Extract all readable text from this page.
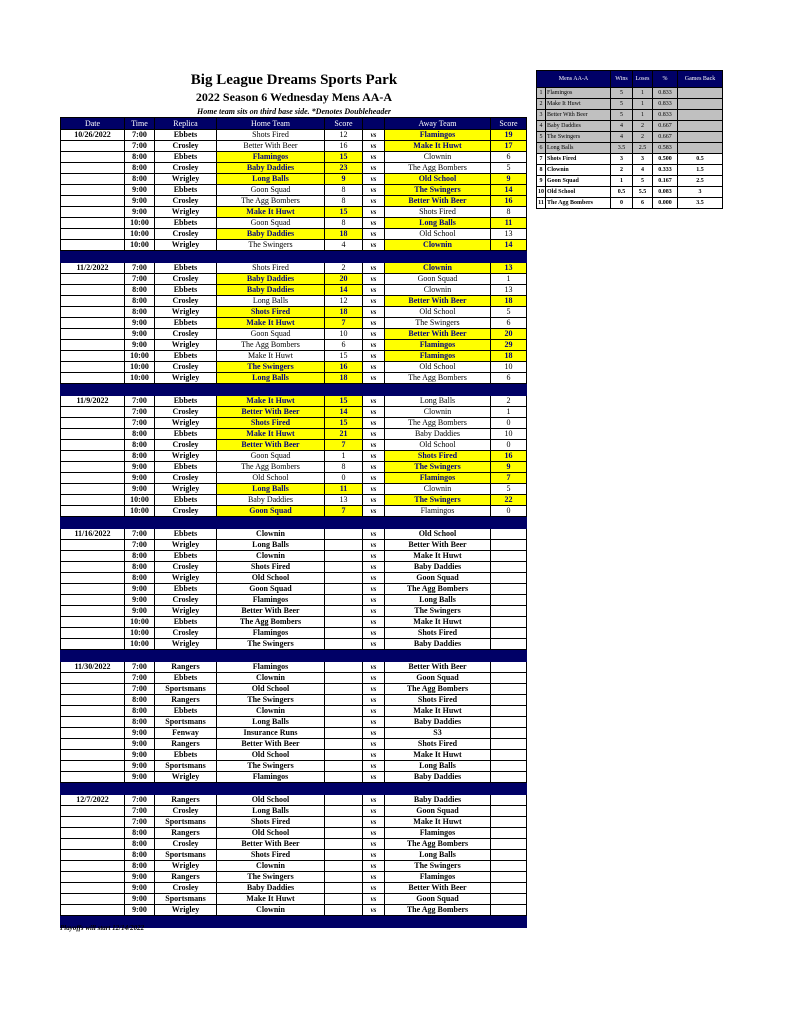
Big League Dreams Sports Park
2022 Season 6 Wednesday Mens AA-A
Home team sits on third base side. *Denotes Doubleheader
Date	Time	Replica	Home Team	Score		Away Team	Score
10/26/2022	7:00	Ebbets	Shots Fired	12	vs	Flamingos	19
	7:00	Crosley	Better With Beer	16	vs	Make It Huwt	17
	8:00	Ebbets	Flamingos	15	vs	Clownin	6
	8:00	Crosley	Baby Daddies	23	vs	The Agg Bombers	5
	8:00	Wrigley	Long Balls	9	vs	Old School	9
	9:00	Ebbets	Goon Squad	8	vs	The Swingers	14
	9:00	Crosley	The Agg Bombers	8	vs	Better With Beer	16
	9:00	Wrigley	Make It Huwt	15	vs	Shots Fired	8
	10:00	Ebbets	Goon Squad	8	vs	Long Balls	11
	10:00	Crosley	Baby Daddies	18	vs	Old School	13
	10:00	Wrigley	The Swingers	4	vs	Clownin	14

11/2/2022	7:00	Ebbets	Shots Fired	2	vs	Clownin	13
	7:00	Crosley	Baby Daddies	20	vs	Goon Squad	1
	8:00	Ebbets	Baby Daddies	14	vs	Clownin	13
	8:00	Crosley	Long Balls	12	vs	Better With Beer	18
	8:00	Wrigley	Shots Fired	18	vs	Old School	5
	9:00	Ebbets	Make It Huwt	7	vs	The Swingers	6
	9:00	Crosley	Goon Squad	10	vs	Better With Beer	20
	9:00	Wrigley	The Agg Bombers	6	vs	Flamingos	29
	10:00	Ebbets	Make It Huwt	15	vs	Flamingos	18
	10:00	Crosley	The Swingers	16	vs	Old School	10
	10:00	Wrigley	Long Balls	18	vs	The Agg Bombers	6

11/9/2022	7:00	Ebbets	Make It Huwt	15	vs	Long Balls	2
	7:00	Crosley	Better With Beer	14	vs	Clownin	1
	7:00	Wrigley	Shots Fired	15	vs	The Agg Bombers	0
	8:00	Ebbets	Make It Huwt	21	vs	Baby Daddies	10
	8:00	Crosley	Better With Beer	7	vs	Old School	0
	8:00	Wrigley	Goon Squad	1	vs	Shots Fired	16
	9:00	Ebbets	The Agg Bombers	8	vs	The Swingers	9
	9:00	Crosley	Old School	0	vs	Flamingos	7
	9:00	Wrigley	Long Balls	11	vs	Clownin	5
	10:00	Ebbets	Baby Daddies	13	vs	The Swingers	22
	10:00	Crosley	Goon Squad	7	vs	Flamingos	0

11/16/2022	7:00	Ebbets	Clownin		vs	Old School	
	7:00	Wrigley	Long Balls		vs	Better With Beer	
	8:00	Ebbets	Clownin		vs	Make It Huwt	
	8:00	Crosley	Shots Fired		vs	Baby Daddies	
	8:00	Wrigley	Old School		vs	Goon Squad	
	9:00	Ebbets	Goon Squad		vs	The Agg Bombers	
	9:00	Crosley	Flamingos		vs	Long Balls	
	9:00	Wrigley	Better With Beer		vs	The Swingers	
	10:00	Ebbets	The Agg Bombers		vs	Make It Huwt	
	10:00	Crosley	Flamingos		vs	Shots Fired	
	10:00	Wrigley	The Swingers		vs	Baby Daddies	

11/30/2022	7:00	Rangers	Flamingos		vs	Better With Beer	
	7:00	Ebbets	Clownin		vs	Goon Squad	
	7:00	Sportsmans	Old School		vs	The Agg Bombers	
	8:00	Rangers	The Swingers		vs	Shots Fired	
	8:00	Ebbets	Clownin		vs	Make It Huwt	
	8:00	Sportsmans	Long Balls		vs	Baby Daddies	
	9:00	Fenway	Insurance Runs		vs	S3	
	9:00	Rangers	Better With Beer		vs	Shots Fired	
	9:00	Ebbets	Old School		vs	Make It Huwt	
	9:00	Sportsmans	The Swingers		vs	Long Balls	
	9:00	Wrigley	Flamingos		vs	Baby Daddies	

12/7/2022	7:00	Rangers	Old School		vs	Baby Daddies	
	7:00	Crosley	Long Balls		vs	Goon Squad	
	7:00	Sportsmans	Shots Fired		vs	Make It Huwt	
	8:00	Rangers	Old School		vs	Flamingos	
	8:00	Crosley	Better With Beer		vs	The Agg Bombers	
	8:00	Sportsmans	Shots Fired		vs	Long Balls	
	8:00	Wrigley	Clownin		vs	The Swingers	
	9:00	Rangers	The Swingers		vs	Flamingos	
	9:00	Crosley	Baby Daddies		vs	Better With Beer	
	9:00	Sportsmans	Make It Huwt		vs	Goon Squad	
	9:00	Wrigley	Clownin		vs	The Agg Bombers	

Playoffs will start 12/14/2022
Mens AA-A		Wins	Loses	%	Games Back
1	Flamingos	5	1	0.833	
2	Make It Huwt	5	1	0.833	
3	Better With Beer	5	1	0.833	
4	Baby Daddies	4	2	0.667	
5	The Swingers	4	2	0.667	
6	Long Balls	3.5	2.5	0.583	
7	Shots Fired	3	3	0.500	0.5
8	Clownin	2	4	0.333	1.5
9	Goon Squad	1	5	0.167	2.5
10	Old School	0.5	5.5	0.083	3
11	The Agg Bombers	0	6	0.000	3.5
